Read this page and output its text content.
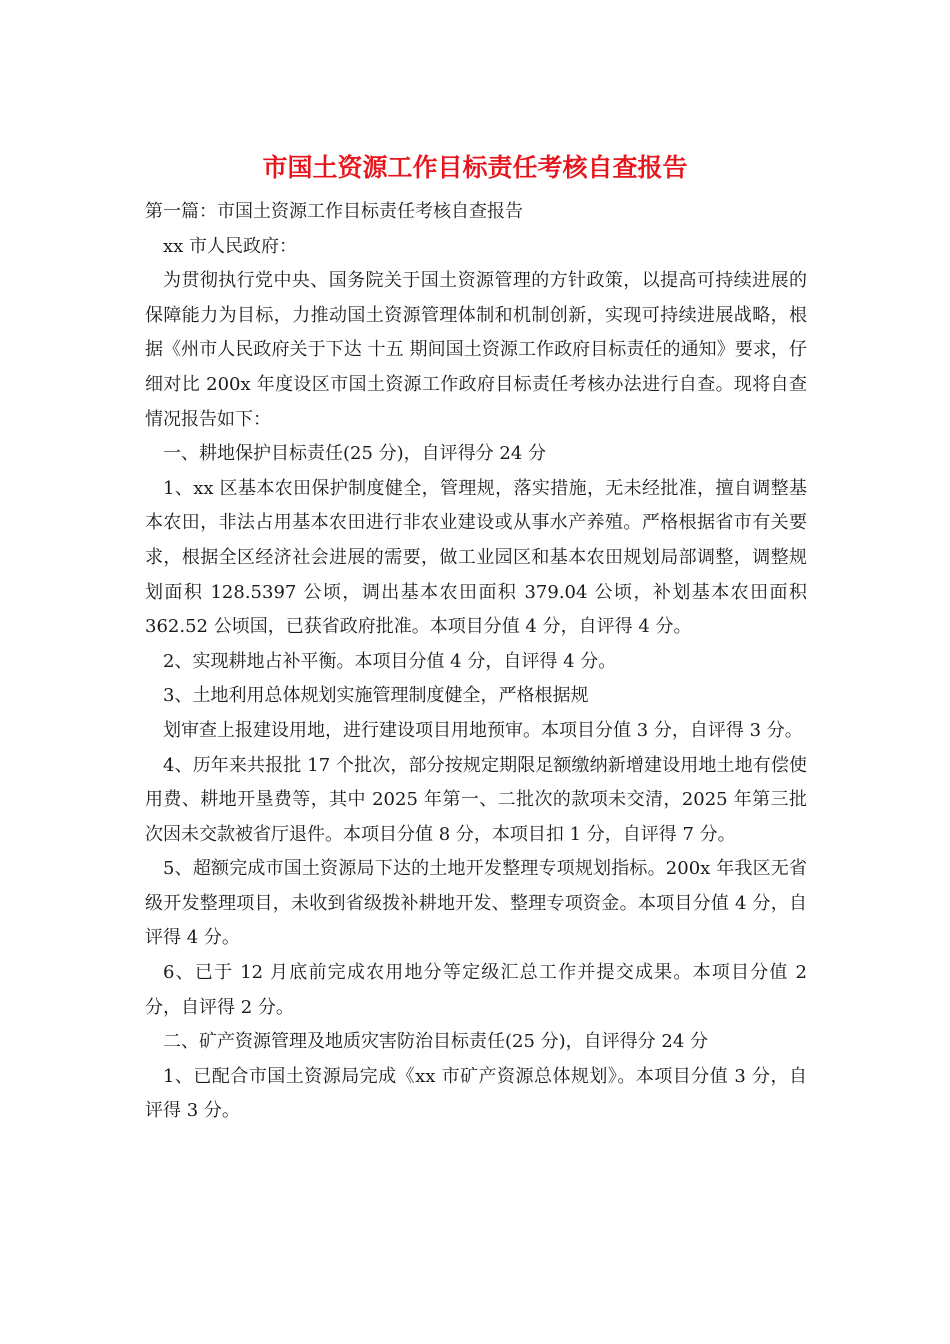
市国土资源工作目标责任考核自查报告

第一篇：市国土资源工作目标责任考核自查报告

xx 市人民政府：

为贯彻执行党中央、国务院关于国土资源管理的方针政策，以提高可持续进展的保障能力为目标，力推动国土资源管理体制和机制创新，实现可持续进展战略，根据《州市人民政府关于下达 十五 期间国土资源工作政府目标责任的通知》要求，仔细对比 200x 年度设区市国土资源工作政府目标责任考核办法进行自查。现将自查情况报告如下：

一、耕地保护目标责任(25 分)，自评得分 24 分

1、xx 区基本农田保护制度健全，管理规，落实措施，无未经批准，擅自调整基本农田，非法占用基本农田进行非农业建设或从事水产养殖。严格根据省市有关要求，根据全区经济社会进展的需要，做工业园区和基本农田规划局部调整，调整规划面积 128.5397 公顷，调出基本农田面积 379.04 公顷，补划基本农田面积 362.52 公顷国，已获省政府批准。本项目分值 4 分，自评得 4 分。

2、实现耕地占补平衡。本项目分值 4 分，自评得 4 分。

3、土地利用总体规划实施管理制度健全，严格根据规

划审查上报建设用地，进行建设项目用地预审。本项目分值 3 分，自评得 3 分。

4、历年来共报批 17 个批次，部分按规定期限足额缴纳新增建设用地土地有偿使用费、耕地开垦费等，其中 2025 年第一、二批次的款项未交清，2025 年第三批次因未交款被省厅退件。本项目分值 8 分，本项目扣 1 分，自评得 7 分。

5、超额完成市国土资源局下达的土地开发整理专项规划指标。200x 年我区无省级开发整理项目，未收到省级拨补耕地开发、整理专项资金。本项目分值 4 分，自评得 4 分。

6、已于 12 月底前完成农用地分等定级汇总工作并提交成果。本项目分值 2 分，自评得 2 分。

二、矿产资源管理及地质灾害防治目标责任(25 分)，自评得分 24 分

1、已配合市国土资源局完成《xx 市矿产资源总体规划》。本项目分值 3 分，自评得 3 分。
